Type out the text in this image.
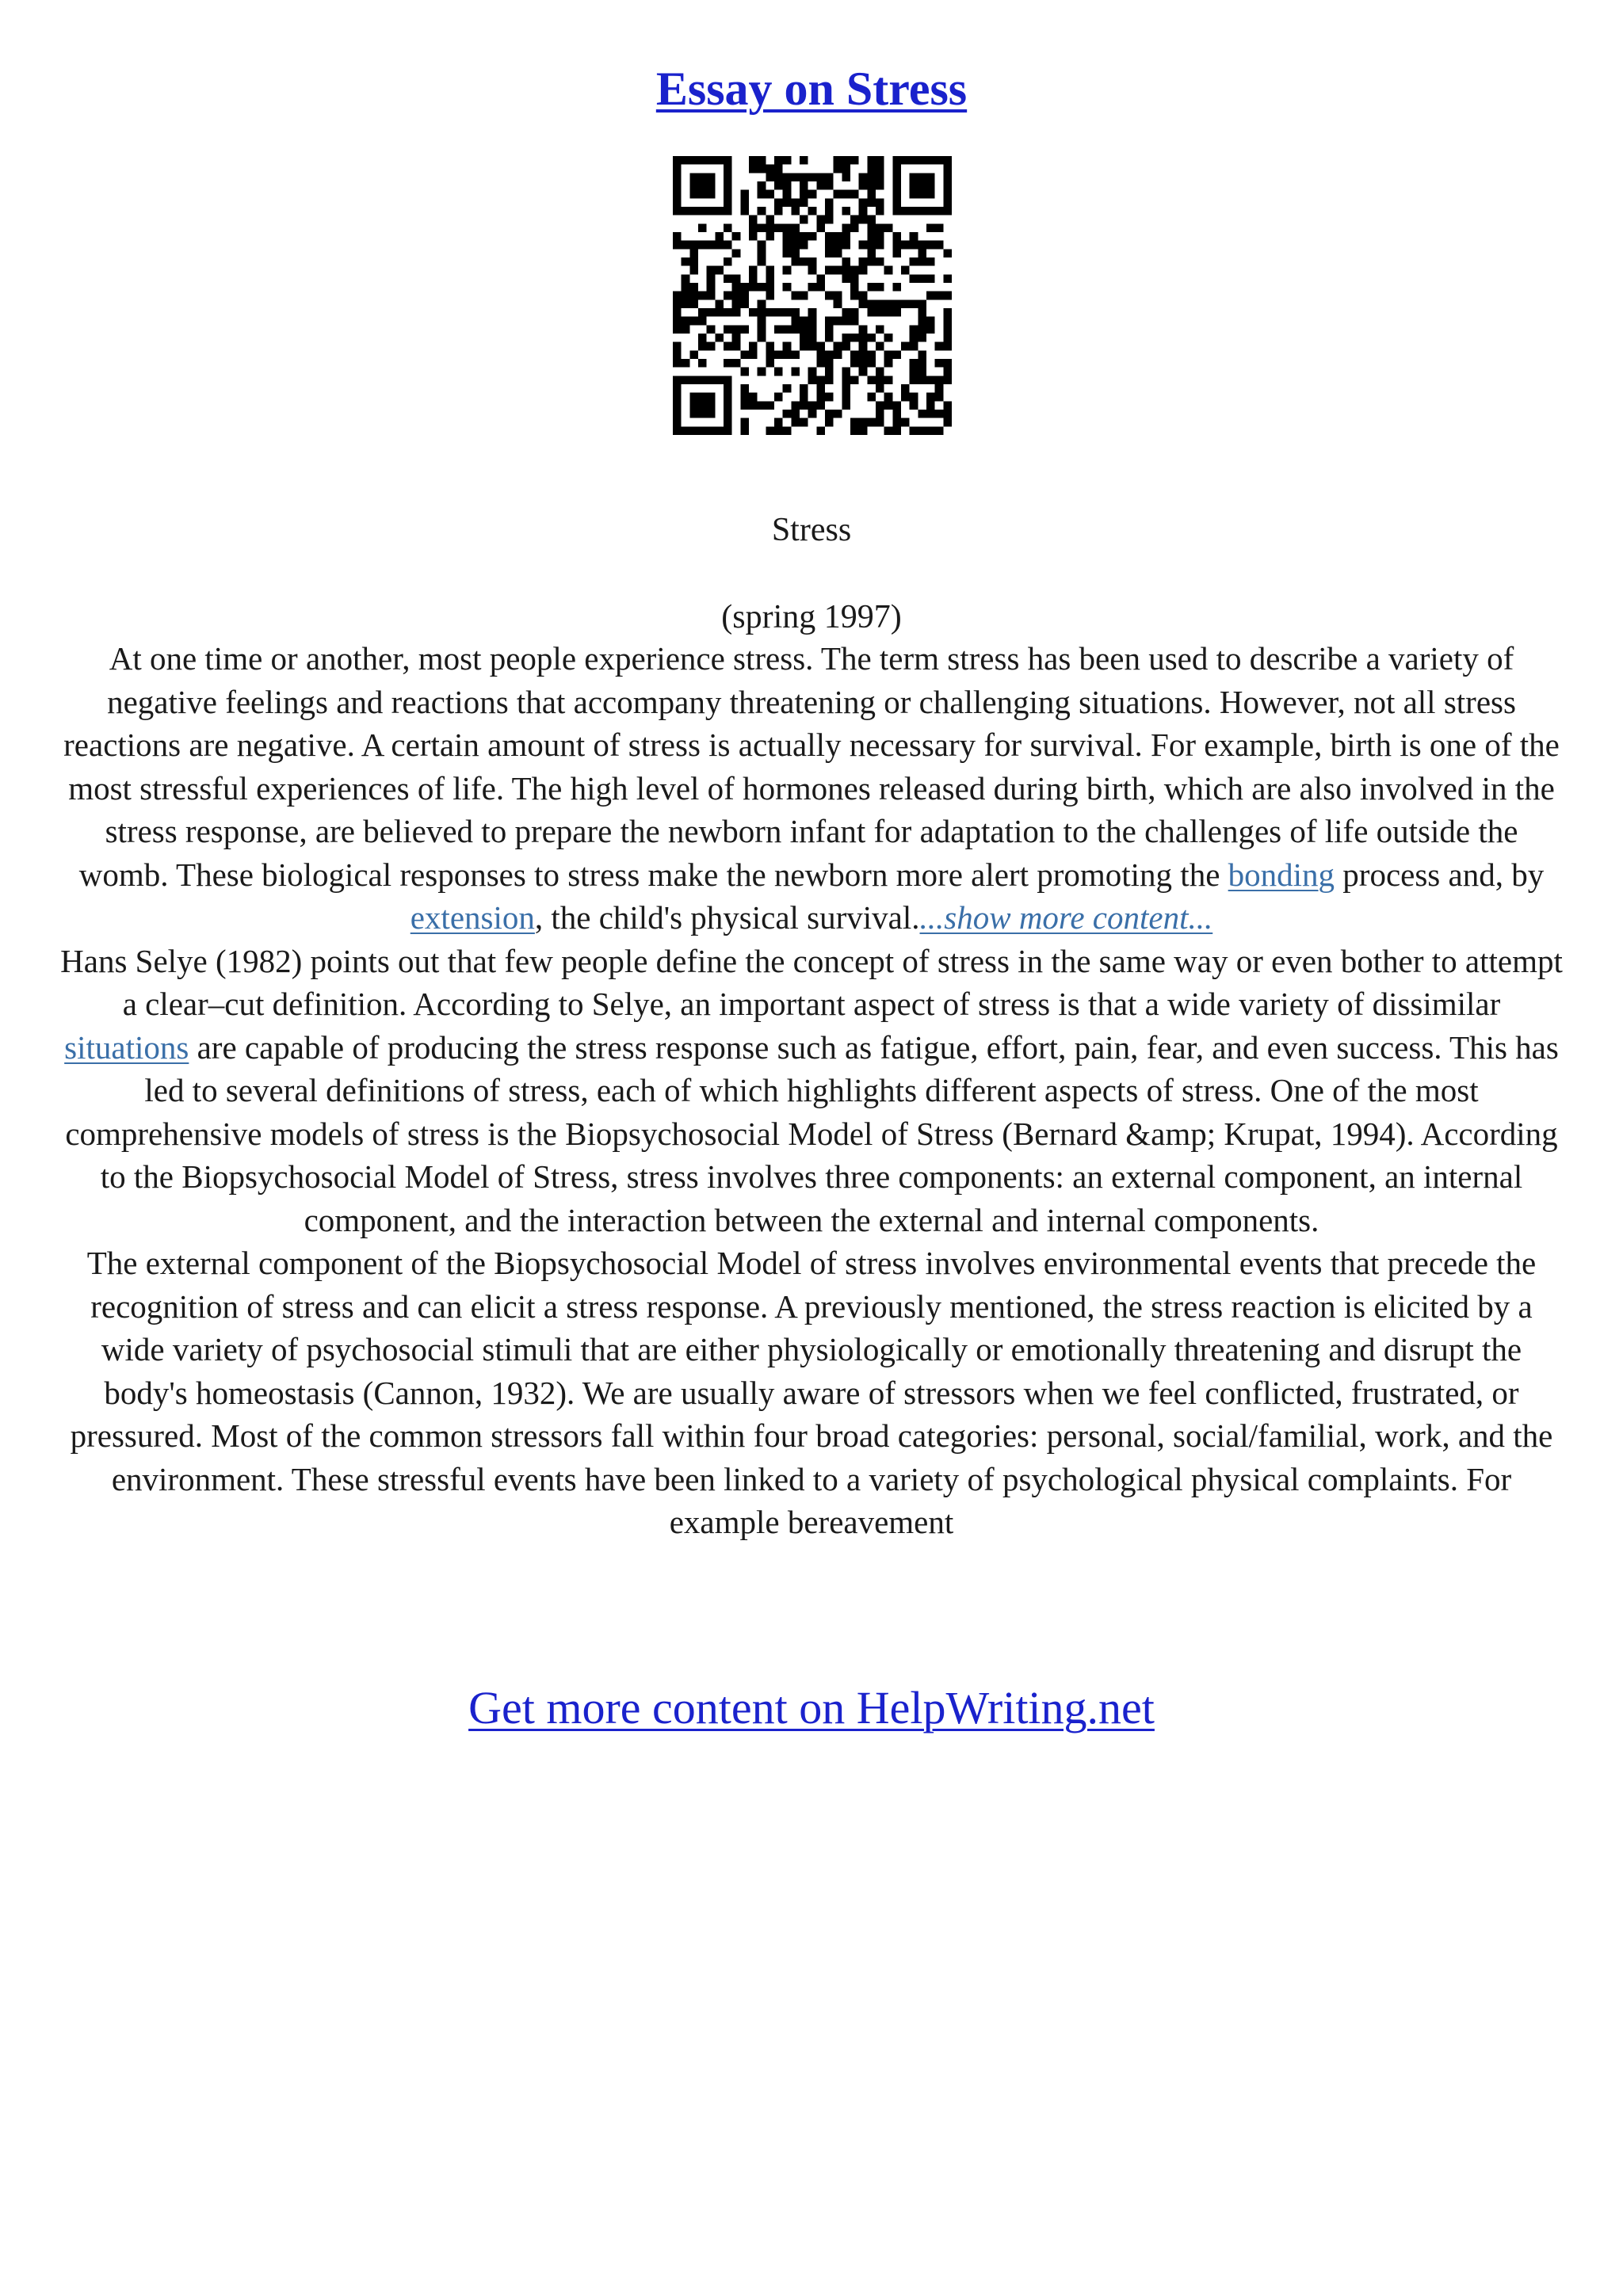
Essay on Stress
Stress
(spring 1997)

At one time or another, most people experience stress. The term stress has been used to describe a variety of negative feelings and reactions that accompany threatening or challenging situations. However, not all stress reactions are negative. A certain amount of stress is actually necessary for survival. For example, birth is one of the most stressful experiences of life. The high level of hormones released during birth, which are also involved in the stress response, are believed to prepare the newborn infant for adaptation to the challenges of life outside the womb. These biological responses to stress make the newborn more alert promoting the bonding process and, by extension, the child's physical survival....show more content...

Hans Selye (1982) points out that few people define the concept of stress in the same way or even bother to attempt a clear–cut definition. According to Selye, an important aspect of stress is that a wide variety of dissimilar situations are capable of producing the stress response such as fatigue, effort, pain, fear, and even success. This has led to several definitions of stress, each of which highlights different aspects of stress. One of the most comprehensive models of stress is the Biopsychosocial Model of Stress (Bernard &amp; Krupat, 1994). According to the Biopsychosocial Model of Stress, stress involves three components: an external component, an internal component, and the interaction between the external and internal components.

The external component of the Biopsychosocial Model of stress involves environmental events that precede the recognition of stress and can elicit a stress response. A previously mentioned, the stress reaction is elicited by a wide variety of psychosocial stimuli that are either physiologically or emotionally threatening and disrupt the body's homeostasis (Cannon, 1932). We are usually aware of stressors when we feel conflicted, frustrated, or pressured. Most of the common stressors fall within four broad categories: personal, social/familial, work, and the environment. These stressful events have been linked to a variety of psychological physical complaints. For example bereavement

Get more content on HelpWriting.net
